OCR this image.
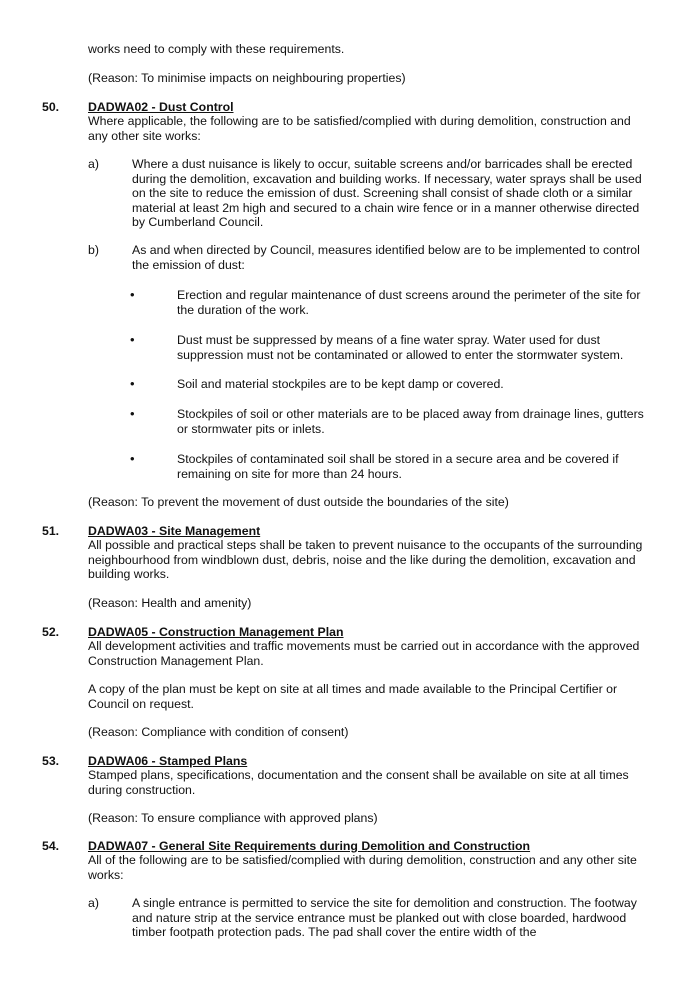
works need to comply with these requirements.

(Reason: To minimise impacts on neighbouring properties)

50. DADWA02 - Dust Control

Where applicable, the following are to be satisfied/complied with during demolition, construction and any other site works:

a)	Where a dust nuisance is likely to occur, suitable screens and/or barricades shall be erected during the demolition, excavation and building works. If necessary, water sprays shall be used on the site to reduce the emission of dust. Screening shall consist of shade cloth or a similar material at least 2m high and secured to a chain wire fence or in a manner otherwise directed by Cumberland Council.

b)	As and when directed by Council, measures identified below are to be implemented to control the emission of dust:

•	Erection and regular maintenance of dust screens around the perimeter of the site for the duration of the work.

•	Dust must be suppressed by means of a fine water spray. Water used for dust suppression must not be contaminated or allowed to enter the stormwater system.

•	Soil and material stockpiles are to be kept damp or covered.

•	Stockpiles of soil or other materials are to be placed away from drainage lines, gutters or stormwater pits or inlets.

•	Stockpiles of contaminated soil shall be stored in a secure area and be covered if remaining on site for more than 24 hours.

(Reason: To prevent the movement of dust outside the boundaries of the site)

51. DADWA03 - Site Management

All possible and practical steps shall be taken to prevent nuisance to the occupants of the surrounding neighbourhood from windblown dust, debris, noise and the like during the demolition, excavation and building works.

(Reason: Health and amenity)

52. DADWA05 - Construction Management Plan

All development activities and traffic movements must be carried out in accordance with the approved Construction Management Plan.

A copy of the plan must be kept on site at all times and made available to the Principal Certifier or Council on request.

(Reason: Compliance with condition of consent)

53. DADWA06 - Stamped Plans

Stamped plans, specifications, documentation and the consent shall be available on site at all times during construction.

(Reason: To ensure compliance with approved plans)

54. DADWA07 - General Site Requirements during Demolition and Construction

All of the following are to be satisfied/complied with during demolition, construction and any other site works:

a)	A single entrance is permitted to service the site for demolition and construction. The footway and nature strip at the service entrance must be planked out with close boarded, hardwood timber footpath protection pads. The pad shall cover the entire width of the
